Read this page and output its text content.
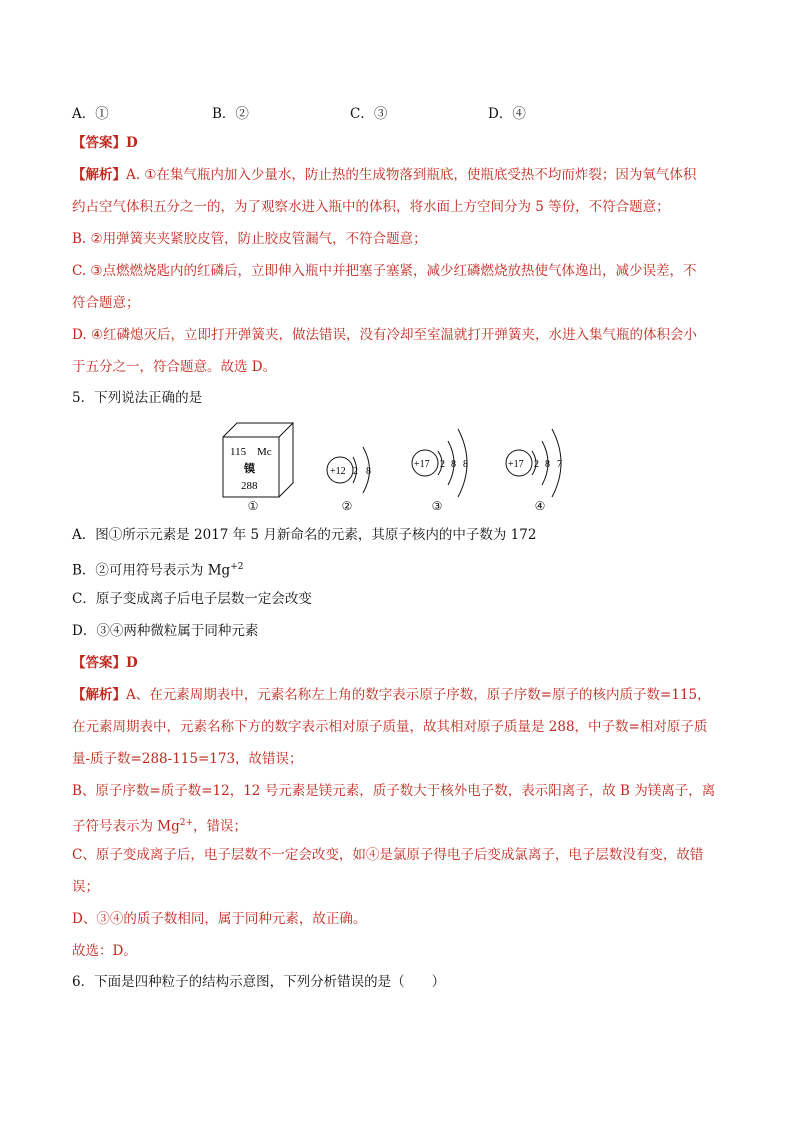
A．①	B．②	C．③	D．④
【答案】D
【解析】A. ①在集气瓶内加入少量水，防止热的生成物落到瓶底，使瓶底受热不均而炸裂；因为氧气体积
约占空气体积五分之一的，为了观察水进入瓶中的体积，将水面上方空间分为 5 等份，不符合题意；
B. ②用弹簧夹夹紧胶皮管，防止胶皮管漏气，不符合题意；
C. ③点燃燃烧匙内的红磷后，立即伸入瓶中并把塞子塞紧，减少红磷燃烧放热使气体逸出，减少误差，不
符合题意；
D. ④红磷熄灭后，立即打开弹簧夹，做法错误，没有冷却至室温就打开弹簧夹，水进入集气瓶的体积会小
于五分之一，符合题意。故选 D。
5．下列说法正确的是
115 Mc
镆
288
+12 2 8
+17 2 8 8	+17 2 8 7
①	②	③	④
A．图①所示元素是 2017 年 5 月新命名的元素，其原子核内的中子数为 172
B．②可用符号表示为 $Mg^{+2}$
C．原子变成离子后电子层数一定会改变
D．③④两种微粒属于同种元素
【答案】D
【解析】A、在元素周期表中，元素名称左上角的数字表示原子序数，原子序数=原子的核内质子数=115，
在元素周期表中，元素名称下方的数字表示相对原子质量，故其相对原子质量是 288，中子数=相对原子质
量-质子数=288-115=173，故错误；
B、原子序数=质子数=12，12 号元素是镁元素，质子数大于核外电子数，表示阳离子，故 B 为镁离子，离
子符号表示为 $Mg^{2+}$，错误；
C、原子变成离子后，电子层数不一定会改变，如④是氯原子得电子后变成氯离子，电子层数没有变，故错
误；
D、③④的质子数相同，属于同种元素，故正确。
故选：D。
6．下面是四种粒子的结构示意图，下列分析错误的是（　　）
